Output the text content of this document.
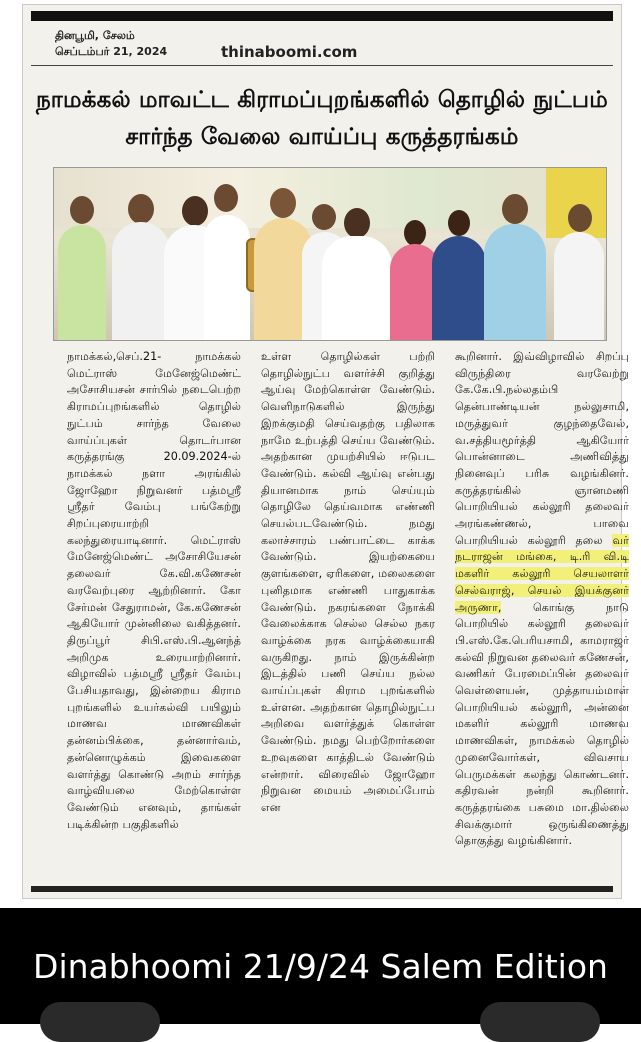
தினபூமி, சேலம்
செப்டம்பர் 21, 2024	thinaboomi.com

நாமக்கல் மாவட்ட கிராமப்புறங்களில் தொழில் நுட்பம்
சார்ந்த வேலை வாய்ப்பு கருத்தரங்கம்

நாமக்கல்,செப்.21- நாமக்கல் மெட்ராஸ் மேனேஜ்மெண்ட் அசோசியசன் சார்பில் நடைபெற்ற கிராமப்புறங்களில் தொழில் நுட்பம் சார்ந்த வேலை வாய்ப்புகள் தொடர்பான கருத்தரங்கு 20.09.2024-ல் நாமக்கல் நளா அரங்கில் ஜோஹோ நிறுவனர் பத்மஸ்ரீ ஸ்ரீதர் வேம்பு பங்கேற்று சிறப்புரையாற்றி கலந்துரையாடினார். மெட்ராஸ் மேனேஜ்மெண்ட் அசோசியேசன் தலைவர் கே.வி.கணேசன் வரவேற்புரை ஆற்றினார். கோ சேர்மன் சேதுராமன், கே.கணேசன் ஆகியோர் முன்னிலை வகித்தனர். திருப்பூர் சிபி.எஸ்.பி.ஆனந்த் அறிமுக உரையாற்றினார். விழாவில் பத்மஸ்ரீ ஸ்ரீதர் வேம்பு பேசியதாவது, இன்றைய கிராம புறங்களில் உயர்கல்வி பயிலும் மாணவ மாணவிகள் தன்னம்பிக்கை, தன்னார்வம், தன்னொழுக்கம் இவைகளை வளர்த்து கொண்டு அறம் சார்ந்த வாழ்வியலை மேற்கொள்ள வேண்டும் எனவும், தாங்கள் படிக்கின்ற பகுதிகளில்

உள்ள தொழில்கள் பற்றி தொழில்நுட்ப வளர்ச்சி குறித்து ஆய்வு மேற்கொள்ள வேண்டும். வெளிநாடுகளில் இருந்து இறக்குமதி செய்வதற்கு பதிலாக நாமே உற்பத்தி செய்ய வேண்டும். அதற்கான முயற்சியில் ஈடுபட வேண்டும். கல்வி ஆய்வு என்பது தியானமாக நாம் செய்யும் தொழிலே தெய்வமாக எண்ணி செயல்படவேண்டும். நமது கலாச்சாரம் பண்பாட்டை காக்க வேண்டும். இயற்கையை குளங்களை, ஏரிகளை, மலைகளை புனிதமாக எண்ணி பாதுகாக்க வேண்டும். நகரங்களை நோக்கி வேலைக்காக செல்ல செல்ல நகர வாழ்க்கை நரக வாழ்க்கையாகி வருகிறது. நாம் இருக்கின்ற இடத்தில் பணி செய்ய நல்ல வாய்ப்புகள் கிராம புறங்களில் உள்ளன. அதற்கான தொழில்நுட்ப அறிவை வளர்த்துக் கொள்ள வேண்டும். நமது பெற்றோர்களை உறவுகளை காத்திடல் வேண்டும் என்றார். விரைவில் ஜோஹோ நிறுவன மையம் அமைப்போம் என

கூறினார். இவ்விழாவில் சிறப்பு விருந்திரை வரவேற்று கே.கே.பி.நல்லதம்பி தென்பாண்டியன் நல்லுசாமி, மருத்துவர் குழந்தைவேல், வ.சத்தியமூர்த்தி ஆகியோர் பொன்னாடை அணிவித்து நினைவுப் பரிசு வழங்கினர். கருத்தரங்கில் ஞானமணி பொறியியல் கல்லூரி தலைவர் அரங்கண்ணல், பாவை பொறியியல் கல்லூரி தலை வர் நடராஜன் மங்கை, டி.ரி வி.டி மகளிர் கல்லூரி செயலாளர் செல்வராஜ், செயல் இயக்குனர் அருணா, கொங்கு நாடு பொறியில் கல்லூரி தலைவர் பி.எஸ்.கே.பெரியசாமி, காமராஜர் கல்வி நிறுவன தலைவர் கணேசன், வணிகர் பேரமைப்பின் தலைவர் வெள்ளையன், முத்தாயம்மாள் பொறியியல் கல்லூரி, அன்னை மகளிர் கல்லூரி மாணவ மாணவிகள், நாமக்கல் தொழில் முனைவோர்கள், விவசாய பெருமக்கள் கலந்து கொண்டனர். கதிரவன் நன்றி கூறினார். கருத்தரங்கை பசுமை மா.தில்லை சிவக்குமார் ஒருங்கிணைத்து தொகுத்து வழங்கினார்.

Dinabhoomi 21/9/24 Salem Edition
